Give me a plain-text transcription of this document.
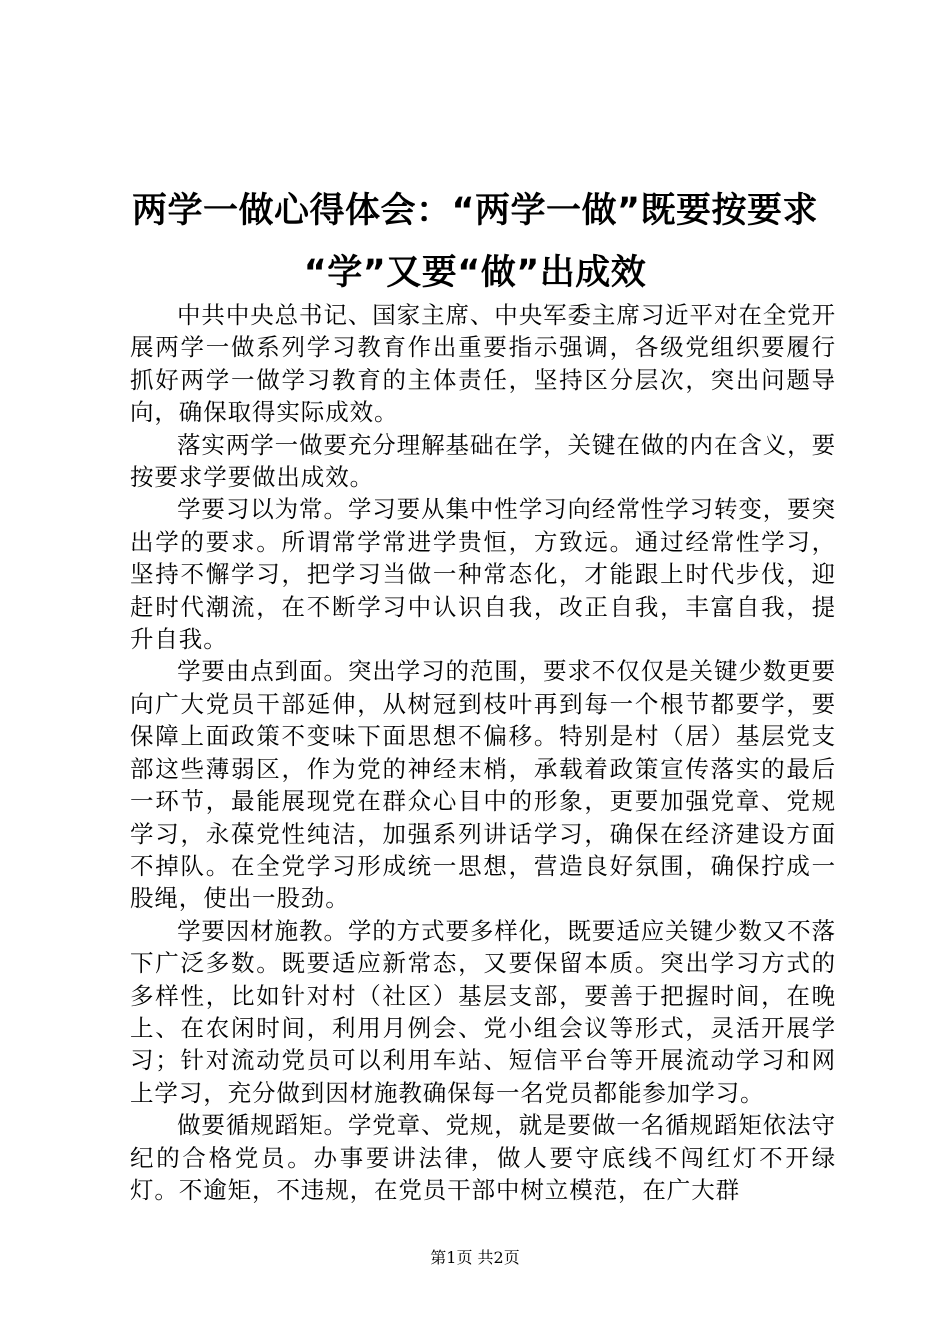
两学一做心得体会：“两学一做”既要按要求
“学”又要“做”出成效

中共中央总书记、国家主席、中央军委主席习近平对在全党开展两学一做系列学习教育作出重要指示强调，各级党组织要履行抓好两学一做学习教育的主体责任，坚持区分层次，突出问题导向，确保取得实际成效。

落实两学一做要充分理解基础在学，关键在做的内在含义，要按要求学要做出成效。

学要习以为常。学习要从集中性学习向经常性学习转变，要突出学的要求。所谓常学常进学贵恒，方致远。通过经常性学习，坚持不懈学习，把学习当做一种常态化，才能跟上时代步伐，迎赶时代潮流，在不断学习中认识自我，改正自我，丰富自我，提升自我。

学要由点到面。突出学习的范围，要求不仅仅是关键少数更要向广大党员干部延伸，从树冠到枝叶再到每一个根节都要学，要保障上面政策不变味下面思想不偏移。特别是村（居）基层党支部这些薄弱区，作为党的神经末梢，承载着政策宣传落实的最后一环节，最能展现党在群众心目中的形象，更要加强党章、党规学习，永葆党性纯洁，加强系列讲话学习，确保在经济建设方面不掉队。在全党学习形成统一思想，营造良好氛围，确保拧成一股绳，使出一股劲。

学要因材施教。学的方式要多样化，既要适应关键少数又不落下广泛多数。既要适应新常态，又要保留本质。突出学习方式的多样性，比如针对村（社区）基层支部，要善于把握时间，在晚上、在农闲时间，利用月例会、党小组会议等形式，灵活开展学习；针对流动党员可以利用车站、短信平台等开展流动学习和网上学习，充分做到因材施教确保每一名党员都能参加学习。

做要循规蹈矩。学党章、党规，就是要做一名循规蹈矩依法守纪的合格党员。办事要讲法律，做人要守底线不闯红灯不开绿灯。不逾矩，不违规，在党员干部中树立模范，在广大群

第1页 共2页
